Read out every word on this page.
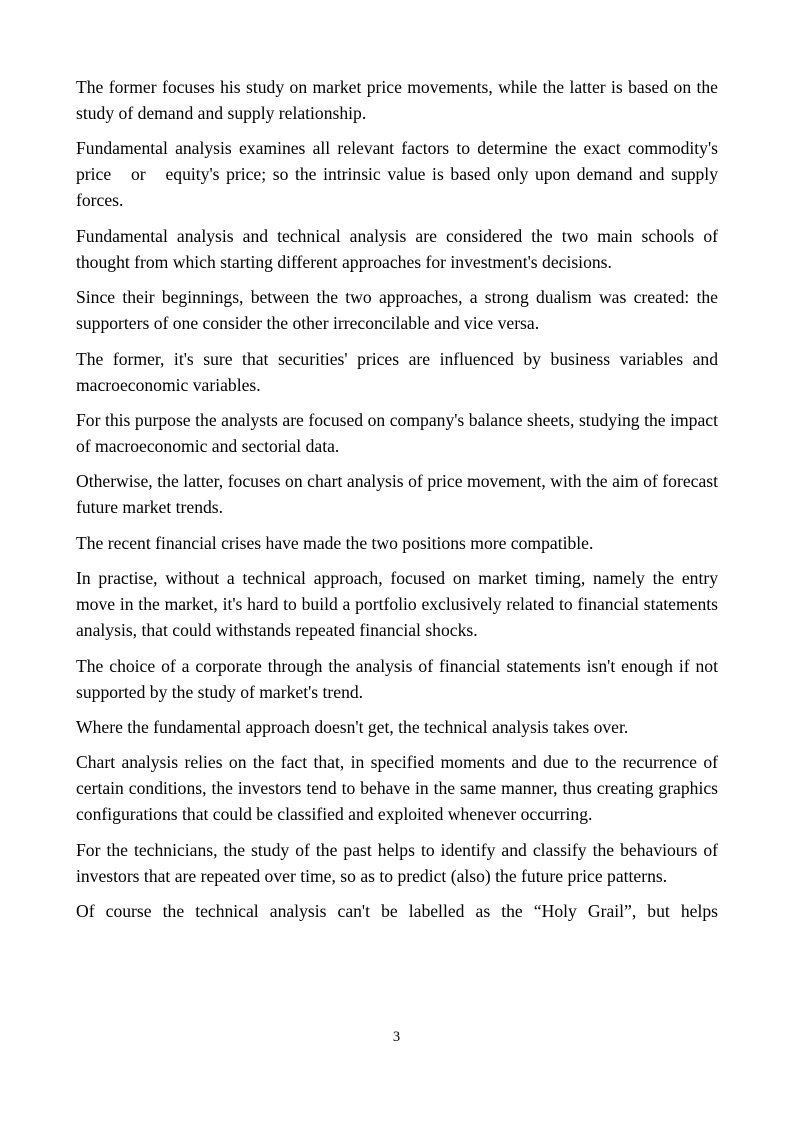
The former focuses his study on market price movements, while the latter is based on the study of demand and supply relationship.

Fundamental analysis examines all relevant factors to determine the exact commodity's price   or   equity's price; so the intrinsic value is based only upon demand and supply forces.

Fundamental analysis and technical analysis are considered the two main schools of thought from which starting different approaches for investment's decisions.

Since their beginnings, between the two approaches, a strong dualism was created: the supporters of one consider the other irreconcilable and vice versa.

The former, it's sure that securities' prices are influenced by business variables and macroeconomic variables.

For this purpose the analysts are focused on company's balance sheets, studying the impact of macroeconomic and sectorial data.

Otherwise, the latter, focuses on chart analysis of price movement, with the aim of forecast future market trends.

The recent financial crises have made the two positions more compatible.

In practise, without a technical approach, focused on market timing, namely the entry move in the market, it's hard to build a portfolio exclusively related to financial statements analysis, that could withstands repeated financial shocks.

The choice of a corporate through the analysis of financial statements isn't enough if not supported by the study of market's trend.

Where the fundamental approach doesn't get, the technical analysis takes over.

Chart analysis relies on the fact that, in specified moments and due to the recurrence of certain conditions, the investors tend to behave in the same manner, thus creating graphics configurations that could be classified and exploited whenever occurring.

For the technicians, the study of the past helps to identify and classify the behaviours of investors that are repeated over time, so as to predict (also) the future price patterns.

Of course the technical analysis can't be labelled as the “Holy Grail”, but helps

3
